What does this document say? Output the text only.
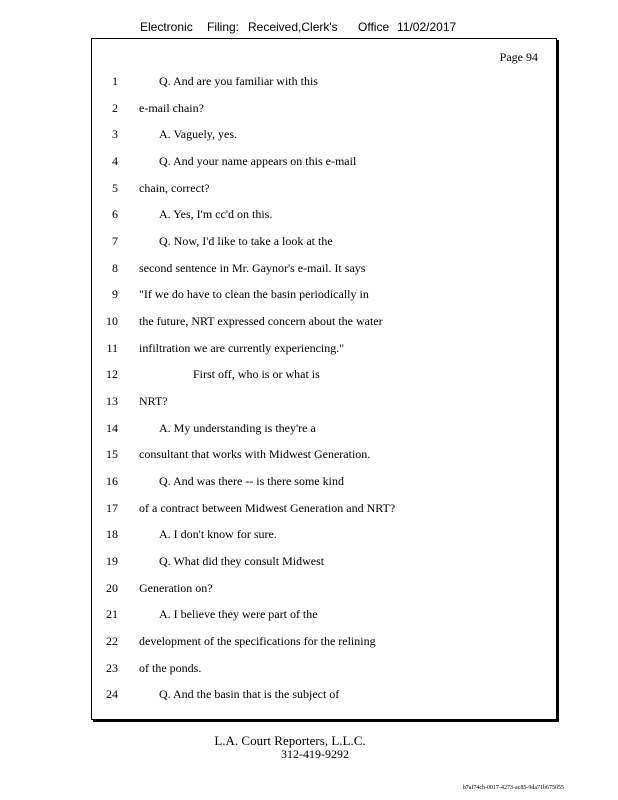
Electronic Filing: Received,Clerk's Office 11/02/2017
Page 94
1	Q. And are you familiar with this
2 e-mail chain?
3	A. Vaguely, yes.
4	Q. And your name appears on this e-mail
5 chain, correct?
6	A. Yes, I'm cc'd on this.
7	Q. Now, I'd like to take a look at the
8 second sentence in Mr. Gaynor's e-mail. It says
9 "If we do have to clean the basin periodically in
10 the future, NRT expressed concern about the water
11 infiltration we are currently experiencing."
12	First off, who is or what is
13 NRT?
14	A. My understanding is they're a
15 consultant that works with Midwest Generation.
16	Q. And was there -- is there some kind
17 of a contract between Midwest Generation and NRT?
18	A. I don't know for sure.
19	Q. What did they consult Midwest
20 Generation on?
21	A. I believe they were part of the
22 development of the specifications for the relining
23 of the ponds.
24	Q. And the basin that is the subject of
L.A. Court Reporters, L.L.C.
312-419-9292
b7af74cb-0017-4273-ac85-9da71b675055
